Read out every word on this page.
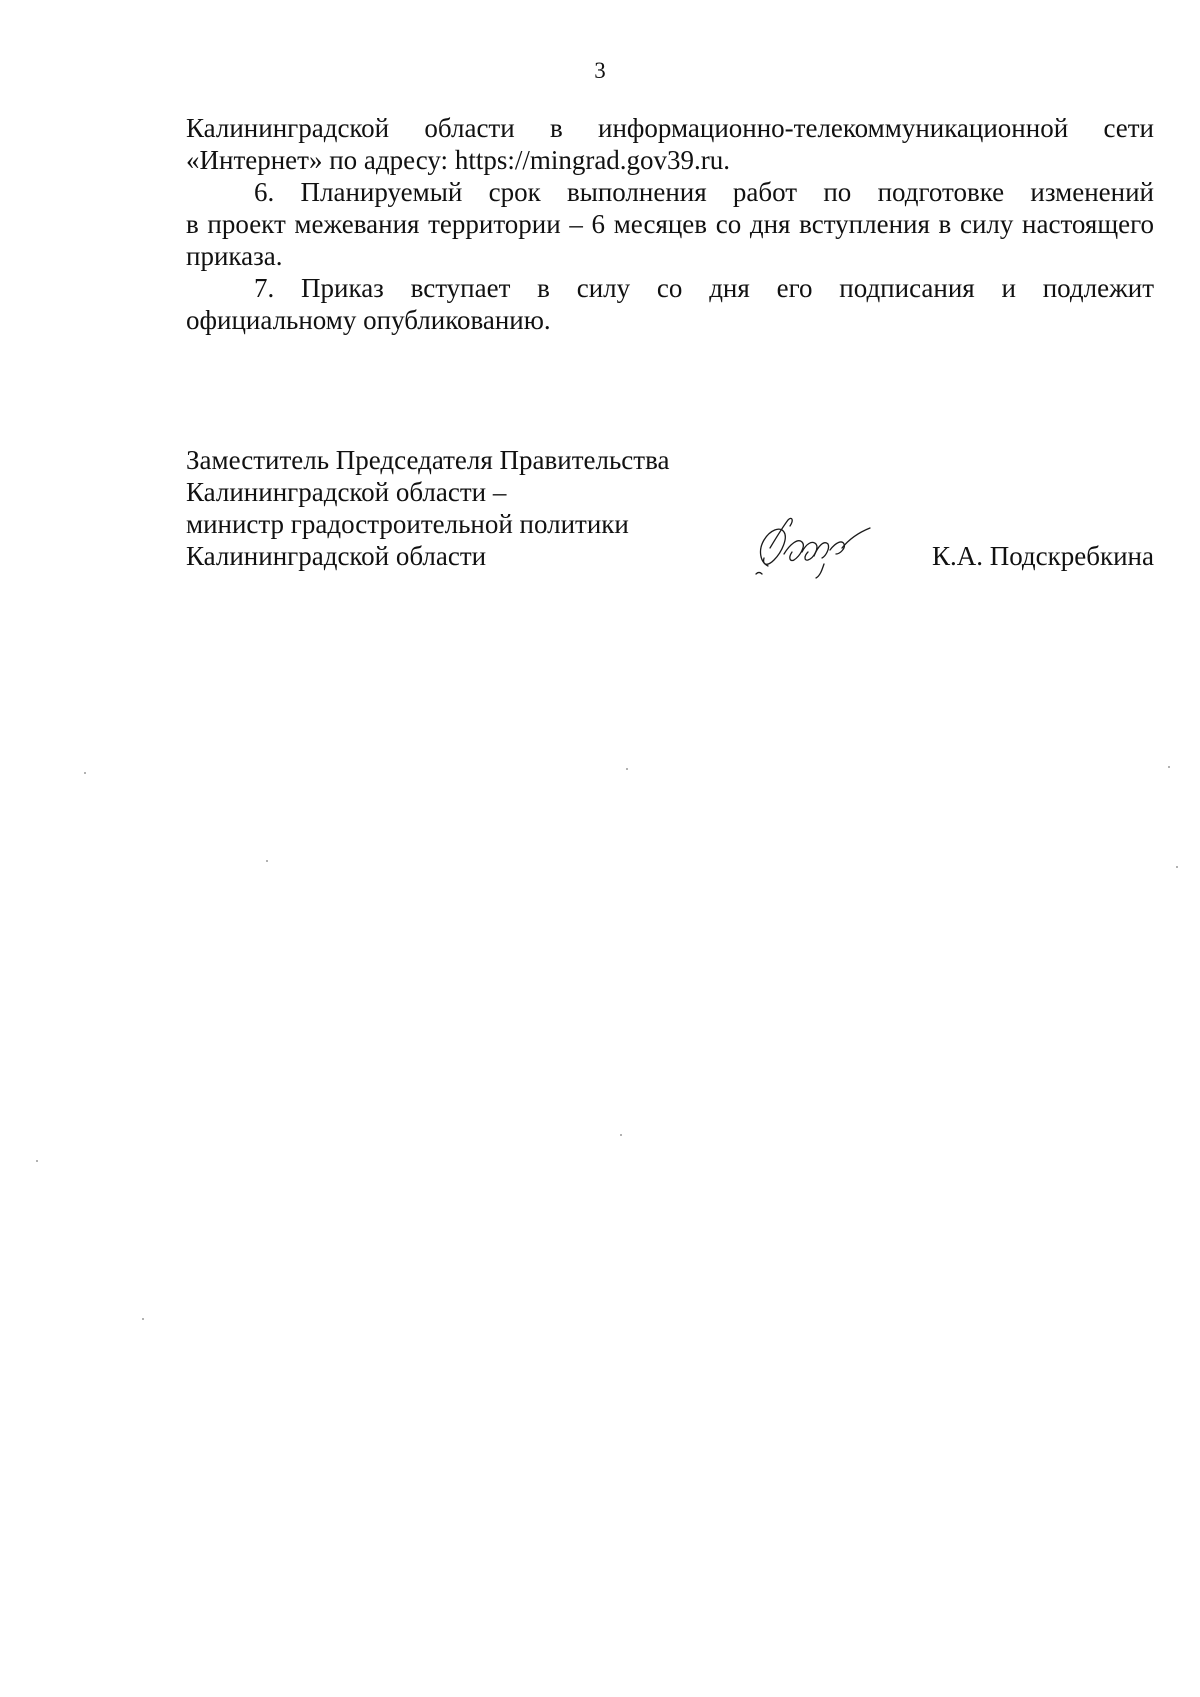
3
Калининградской области в информационно-телекоммуникационной сети
«Интернет» по адресу: https://mingrad.gov39.ru.
6. Планируемый срок выполнения работ по подготовке изменений
в проект межевания территории – 6 месяцев со дня вступления в силу настоящего
приказа.
7. Приказ вступает в силу со дня его подписания и подлежит
официальному опубликованию.
Заместитель Председателя Правительства
Калининградской области –
министр градостроительной политики
Калининградской области	К.А. Подскребкина
